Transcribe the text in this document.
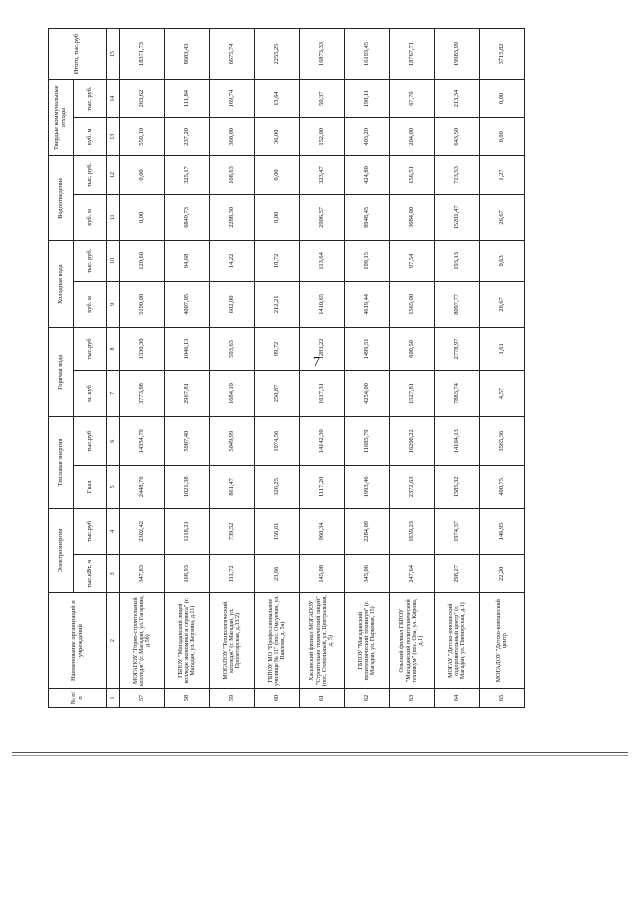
7
№ п/п	Наименование организаций и учреждений	Электроэнергия		Тепловая энергия		Горячая вода		Холодная вода		Водоотведение		Твердые коммунальные отходы		Итого, тыс.руб
		тыс.кВт. ч	тыс.руб	Гкал	тыс.руб	м. куб	тыс.руб	куб. м	тыс. руб.	куб. м	тыс. руб.	куб. м	тыс. руб.	
1	2	3	4	5	6	7	8	9	10	11	12	13	14	15
57	МОГАПОУ "Горно-строительный колледж" (г. Магадан, ул. Гагарина, д.5б)	347,83	2302,42	2448,76	14354,79	3773,98	1330,30	5190,00	120,60	0,00	0,00	559,10	263,62	18371,73
58	ГБПОУ "Магаданский лицей колледж экономики и сервиса" (г. Магадан, ул. Берзина, д.11)	168,93	1118,21	1021,38	5987,40	2967,81	1046,13	4007,05	94,68	6849,73	325,17	237,20	111,84	8683,43
59	МОГАПОУ "Технологический колледж" (г. Магадан, ул. Пролетарская, д.33/2)	111,72	739,52	861,47	5049,99	1684,10	593,63	602,00	14,22	2288,30	108,63	360,00	169,74	6675,74
60	ГБПОУ МО "Профессиональное училище № 11" (пос. Омсукчан, ул. Павлова, д. 5а)	23,66	156,61	326,25	1974,56	250,87	99,72	212,21	10,72	0,00	0,00	36,00	13,64	2255,25
61	Хасынский филиал МОГАПОУ "Строительно технический лицей" (пос. Стекольный, ул. Центральная, д. 5)	145,08	960,34	1117,20	14142,30	1617,31	1283,22	1410,65	113,64	2906,57	323,47	152,00	50,37	16873,33
62	ГБПОУ "Магаданский политехнический техникум" (г. Магадан, ул. Парковая, 15)	345,06	2284,09	1993,46	11685,79	4254,00	1499,51	4619,44	109,15	8948,45	424,80	403,20	190,11	16193,45
63	Ольский филиал ГБПОУ "Магаданский политехнический техникум" (пос. Ола, ул. Кирова, д.1)	247,64	1639,23	2372,63	16206,22	1527,81	600,50	1565,00	97,54	3084,00	156,51	204,00	67,70	18767,71
64	МОГАУ "Детско-юношеский оздоровительный центр" (г. Магадан, ул. Пионерская, д.1)	298,27	1974,37	1585,32	14104,13	7883,74	2778,97	8097,77	193,13	15201,47	713,53	643,50	213,34	19983,99
65	МОГАДОУ "Детско-юношеский центр	22,20	146,95	400,75	3565,36	4,57	1,61	26,67	0,63	26,67	1,27	0,00	0,00	3715,82
